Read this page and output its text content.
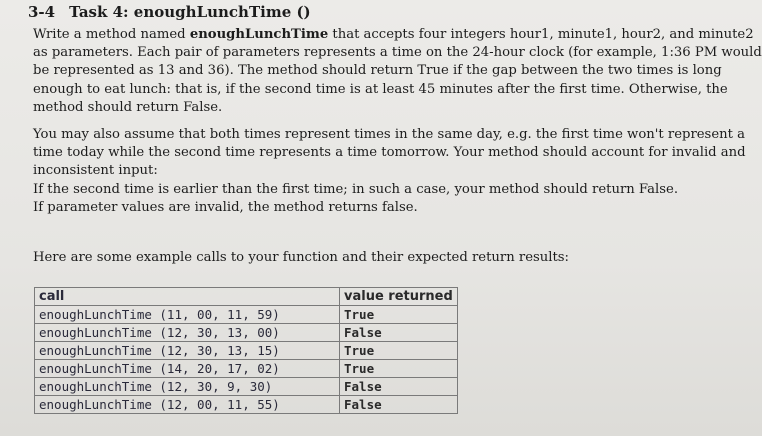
3-4 Task 4: enoughLunchTime ()
Write a method named enoughLunchTime that accepts four integers hour1, minute1, hour2, and minute2
as parameters. Each pair of parameters represents a time on the 24-hour clock (for example, 1:36 PM would
be represented as 13 and 36). The method should return True if the gap between the two times is long
enough to eat lunch: that is, if the second time is at least 45 minutes after the first time. Otherwise, the
method should return False.
You may also assume that both times represent times in the same day, e.g. the first time won't represent a
time today while the second time represents a time tomorrow. Your method should account for invalid and
inconsistent input:
If the second time is earlier than the first time; in such a case, your method should return False.
If parameter values are invalid, the method returns false.
Here are some example calls to your function and their expected return results:
call	value returned
enoughLunchTime (11, 00, 11, 59)	True
enoughLunchTime (12, 30, 13, 00)	False
enoughLunchTime (12, 30, 13, 15)	True
enoughLunchTime (14, 20, 17, 02)	True
enoughLunchTime (12, 30, 9, 30)	False
enoughLunchTime (12, 00, 11, 55)	False
